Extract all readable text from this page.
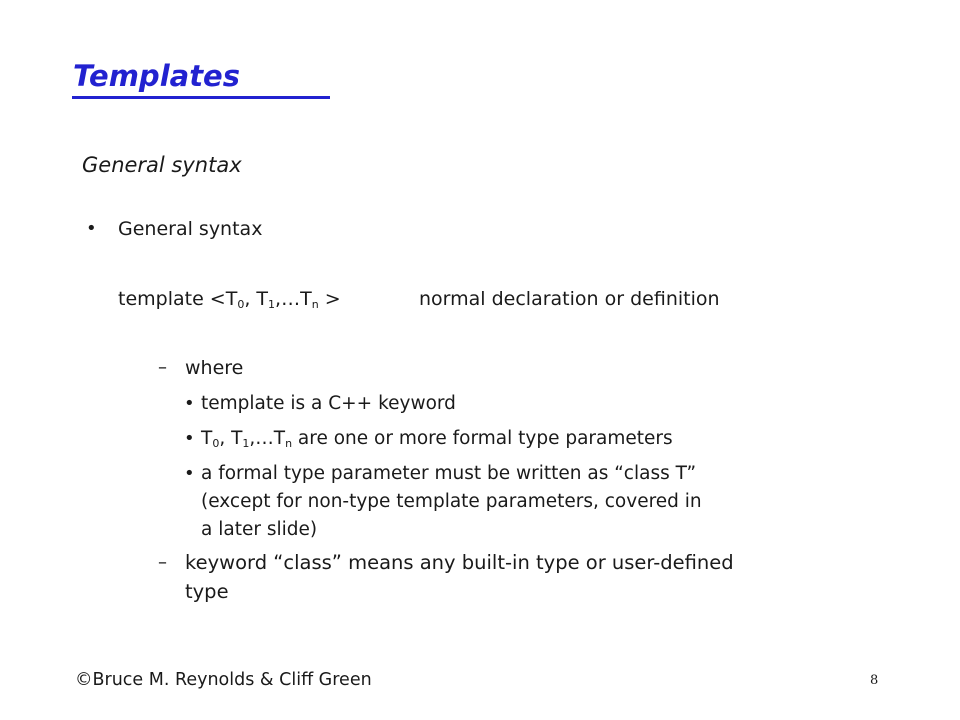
Templates
General syntax
• General syntax
template $<T_0$, $T_1,\dots T_n$ >	normal declaration or definition
– where
• template is a C++ keyword
• $T_0$, $T_1,\dots T_n$ are one or more formal type parameters
• a formal type parameter must be written as “class T”
(except for non-type template parameters, covered in
a later slide)
– keyword “class” means any built-in type or user-defined
type
©Bruce M. Reynolds & Cliff Green	8
